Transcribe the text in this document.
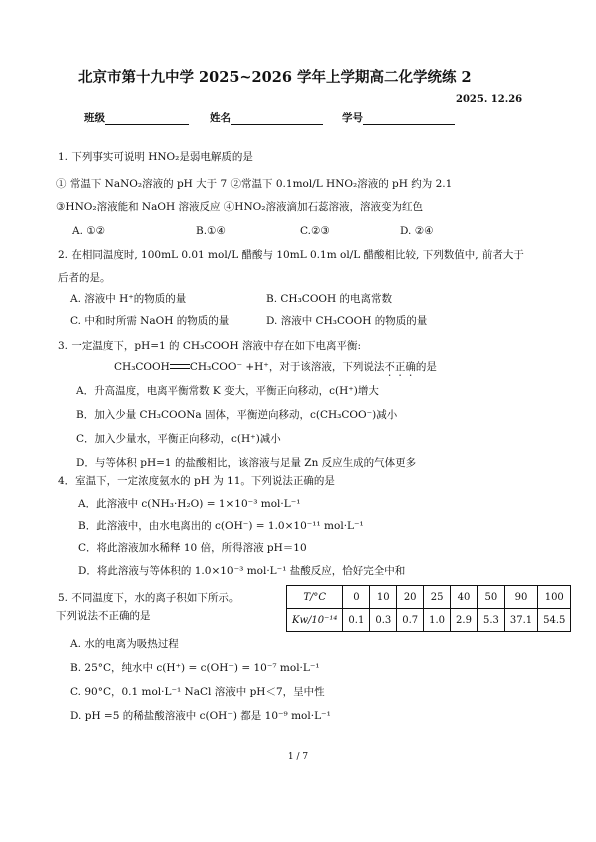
北京市第十九中学 2025~2026 学年上学期高二化学统练 2
2025. 12.26
班级	姓名	学号
1. 下列事实可说明 HNO₂是弱电解质的是
① 常温下 NaNO₂溶液的 pH 大于 7 ②常温下 0.1mol/L HNO₂溶液的 pH 约为 2.1
③HNO₂溶液能和 NaOH 溶液反应 ④HNO₂溶液滴加石蕊溶液，溶液变为红色
A. ①②	B.①④	C.②③	D. ②④
2. 在相同温度时, 100mL 0.01 mol/L 醋酸与 10mL 0.1m ol/L 醋酸相比较, 下列数值中, 前者大于
后者的是。
A. 溶液中 H⁺的物质的量	B. CH₃COOH 的电离常数
C. 中和时所需 NaOH 的物质的量	D. 溶液中 CH₃COOH 的物质的量
3. 一定温度下，pH=1 的 CH₃COOH 溶液中存在如下电离平衡:
CH₃COOH CH₃COO⁻ +H⁺，对于该溶液，下列说法不正确的是
A．升高温度，电离平衡常数 K 变大，平衡正向移动，c(H⁺)增大
B．加入少量 CH₃COONa 固体，平衡逆向移动，c(CH₃COO⁻)减小
C．加入少量水，平衡正向移动，c(H⁺)减小
D．与等体积 pH=1 的盐酸相比，该溶液与足量 Zn 反应生成的气体更多
4．室温下，一定浓度氨水的 pH 为 11。下列说法正确的是
A．此溶液中 c(NH₃·H₂O) = 1×10⁻³ mol·L⁻¹
B．此溶液中，由水电离出的 c(OH⁻) = 1.0×10⁻¹¹ mol·L⁻¹
C．将此溶液加水稀释 10 倍，所得溶液 pH＝10
D．将此溶液与等体积的 1.0×10⁻³ mol·L⁻¹ 盐酸反应，恰好完全中和
5. 不同温度下，水的离子积如下所示。
下列说法不正确的是
T/°C	0	10	20	25	40	50	90	100
Kw/10⁻¹⁴	0.1	0.3	0.7	1.0	2.9	5.3	37.1	54.5
A. 水的电离为吸热过程
B. 25°C，纯水中 c(H⁺) = c(OH⁻) = 10⁻⁷ mol·L⁻¹
C. 90°C，0.1 mol·L⁻¹ NaCl 溶液中 pH＜7，呈中性
D. pH =5 的稀盐酸溶液中 c(OH⁻) 都是 10⁻⁹ mol·L⁻¹
1 / 7
